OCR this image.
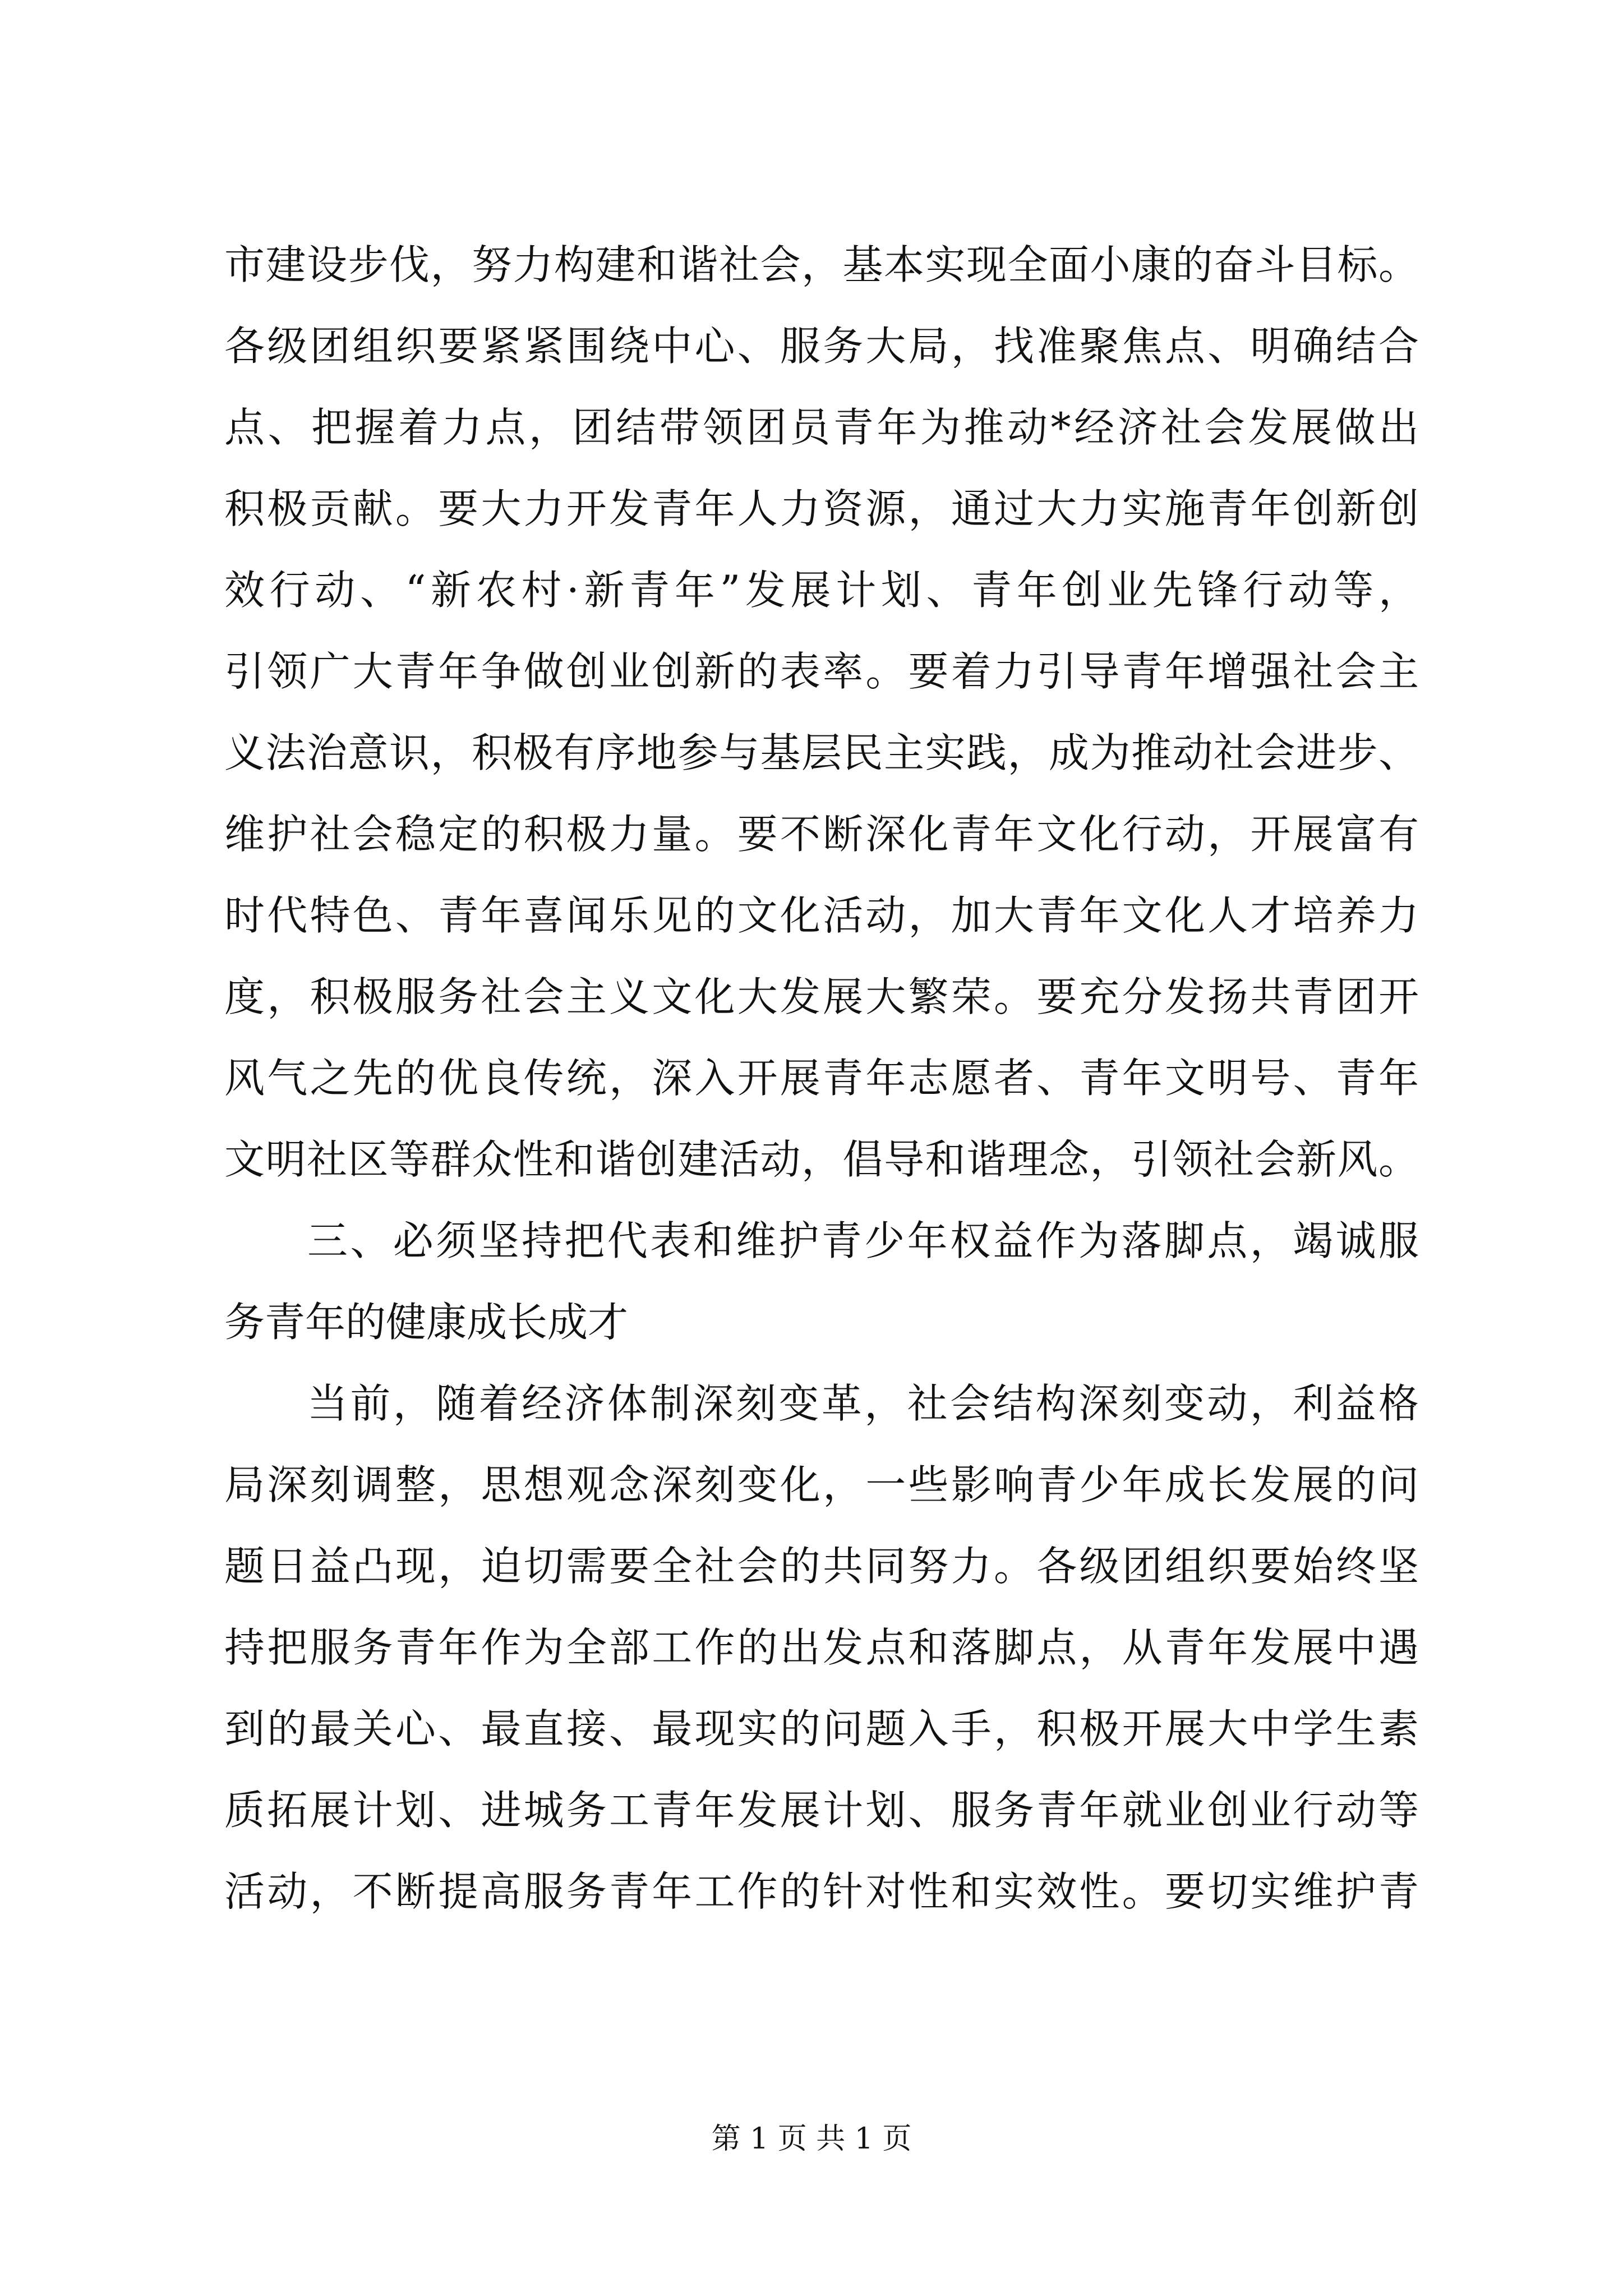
市建设步伐，努力构建和谐社会，基本实现全面小康的奋斗目标。
各级团组织要紧紧围绕中心、服务大局，找准聚焦点、明确结合
点、把握着力点，团结带领团员青年为推动*经济社会发展做出
积极贡献。要大力开发青年人力资源，通过大力实施青年创新创
效行动、“新农村·新青年”发展计划、青年创业先锋行动等，
引领广大青年争做创业创新的表率。要着力引导青年增强社会主
义法治意识，积极有序地参与基层民主实践，成为推动社会进步、
维护社会稳定的积极力量。要不断深化青年文化行动，开展富有
时代特色、青年喜闻乐见的文化活动，加大青年文化人才培养力
度，积极服务社会主义文化大发展大繁荣。要充分发扬共青团开
风气之先的优良传统，深入开展青年志愿者、青年文明号、青年
文明社区等群众性和谐创建活动，倡导和谐理念，引领社会新风。
三、必须坚持把代表和维护青少年权益作为落脚点，竭诚服
务青年的健康成长成才
当前，随着经济体制深刻变革，社会结构深刻变动，利益格
局深刻调整，思想观念深刻变化，一些影响青少年成长发展的问
题日益凸现，迫切需要全社会的共同努力。各级团组织要始终坚
持把服务青年作为全部工作的出发点和落脚点，从青年发展中遇
到的最关心、最直接、最现实的问题入手，积极开展大中学生素
质拓展计划、进城务工青年发展计划、服务青年就业创业行动等
活动，不断提高服务青年工作的针对性和实效性。要切实维护青
第 1 页 共 1 页
